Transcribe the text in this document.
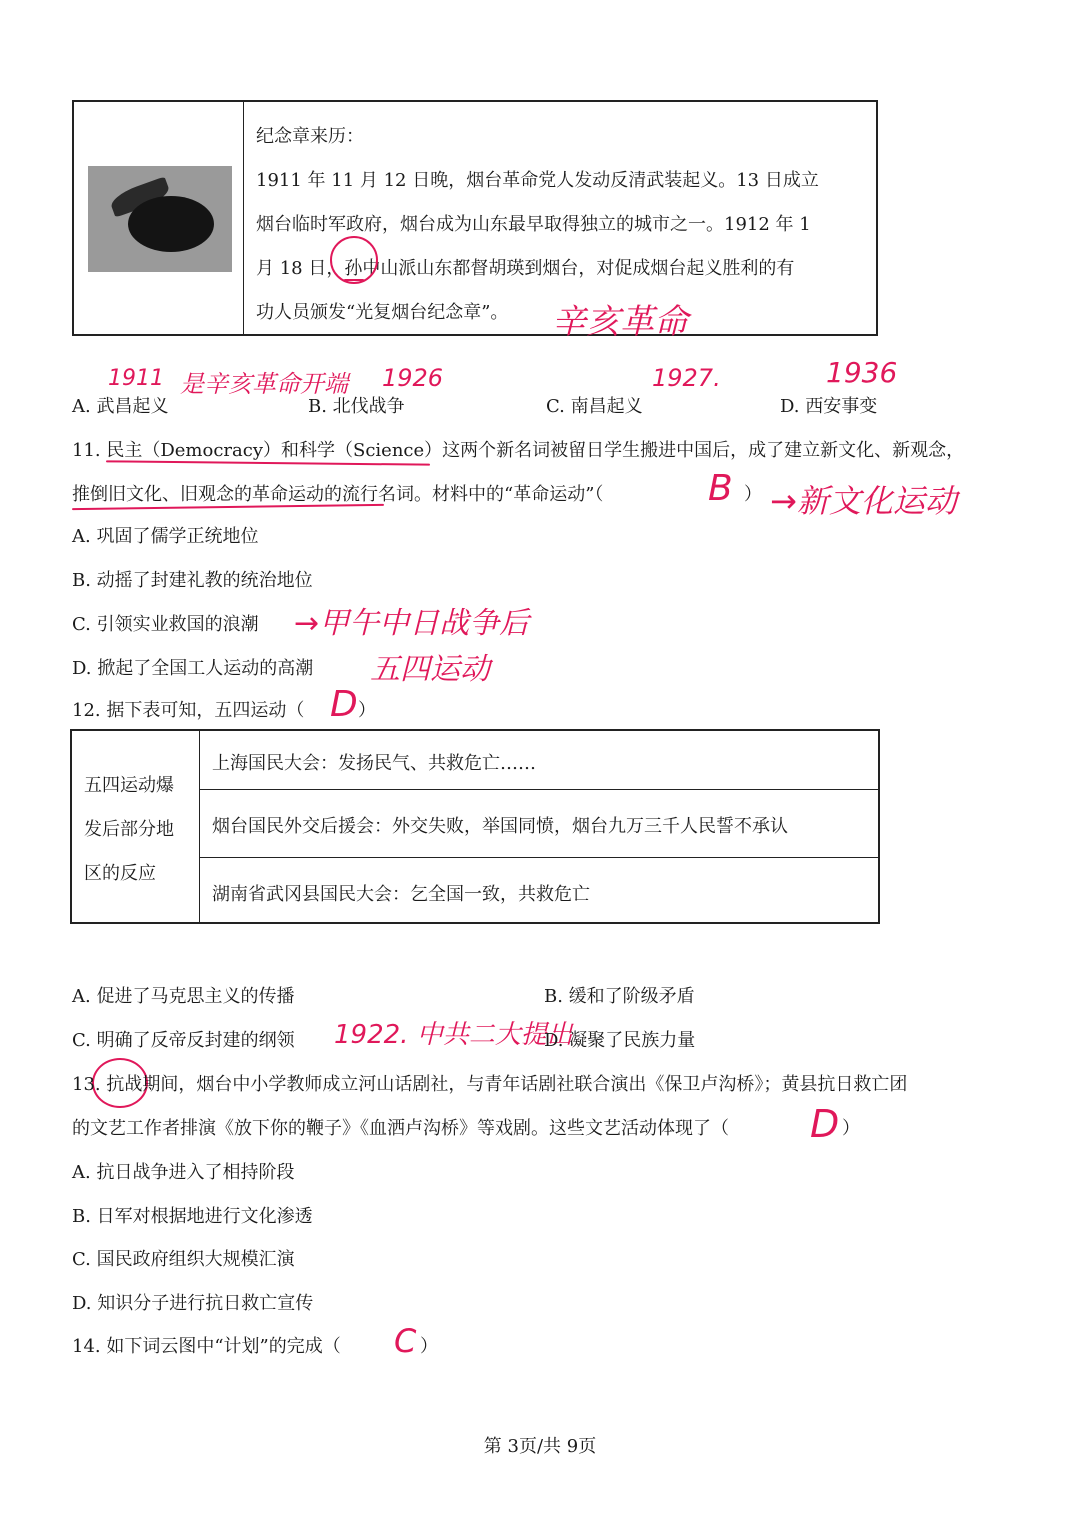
纪念章来历：
1911 年 11 月 12 日晚，烟台革命党人发动反清武装起义。13 日成立
烟台临时军政府，烟台成为山东最早取得独立的城市之一。1912 年 1
月 18 日，孙中山派山东都督胡瑛到烟台，对促成烟台起义胜利的有
功人员颁发“光复烟台纪念章”。 辛亥革命
1911 是辛亥革命开端 1926	1927.	1936
A. 武昌起义	B. 北伐战争	C. 南昌起义	D. 西安事变
11. 民主（Democracy）和科学（Science）这两个新名词被留日学生搬进中国后，成了建立新文化、新观念，
推倒旧文化、旧观念的革命运动的流行名词。材料中的“革命运动”（	B ） →新文化运动
A. 巩固了儒学正统地位
B. 动摇了封建礼教的统治地位
C. 引领实业救国的浪潮 →甲午中日战争后
D. 掀起了全国工人运动的高潮 五四运动
12. 据下表可知，五四运动（ D ）
五四运动爆
发后部分地
区的反应
上海国民大会：发扬民气、共救危亡……
烟台国民外交后援会：外交失败，举国同愤，烟台九万三千人民誓不承认
湖南省武冈县国民大会：乞全国一致，共救危亡
A. 促进了马克思主义的传播	B. 缓和了阶级矛盾
C. 明确了反帝反封建的纲领 1922. 中共二大提出
D. 凝聚了民族力量
13. 抗战期间，烟台中小学教师成立河山话剧社，与青年话剧社联合演出《保卫卢沟桥》；黄县抗日救亡团
的文艺工作者排演《放下你的鞭子》《血洒卢沟桥》等戏剧。这些文艺活动体现了（ D ）
A. 抗日战争进入了相持阶段
B. 日军对根据地进行文化渗透
C. 国民政府组织大规模汇演
D. 知识分子进行抗日救亡宣传
14. 如下词云图中“计划”的完成（ C ）
第 3页/共 9页
